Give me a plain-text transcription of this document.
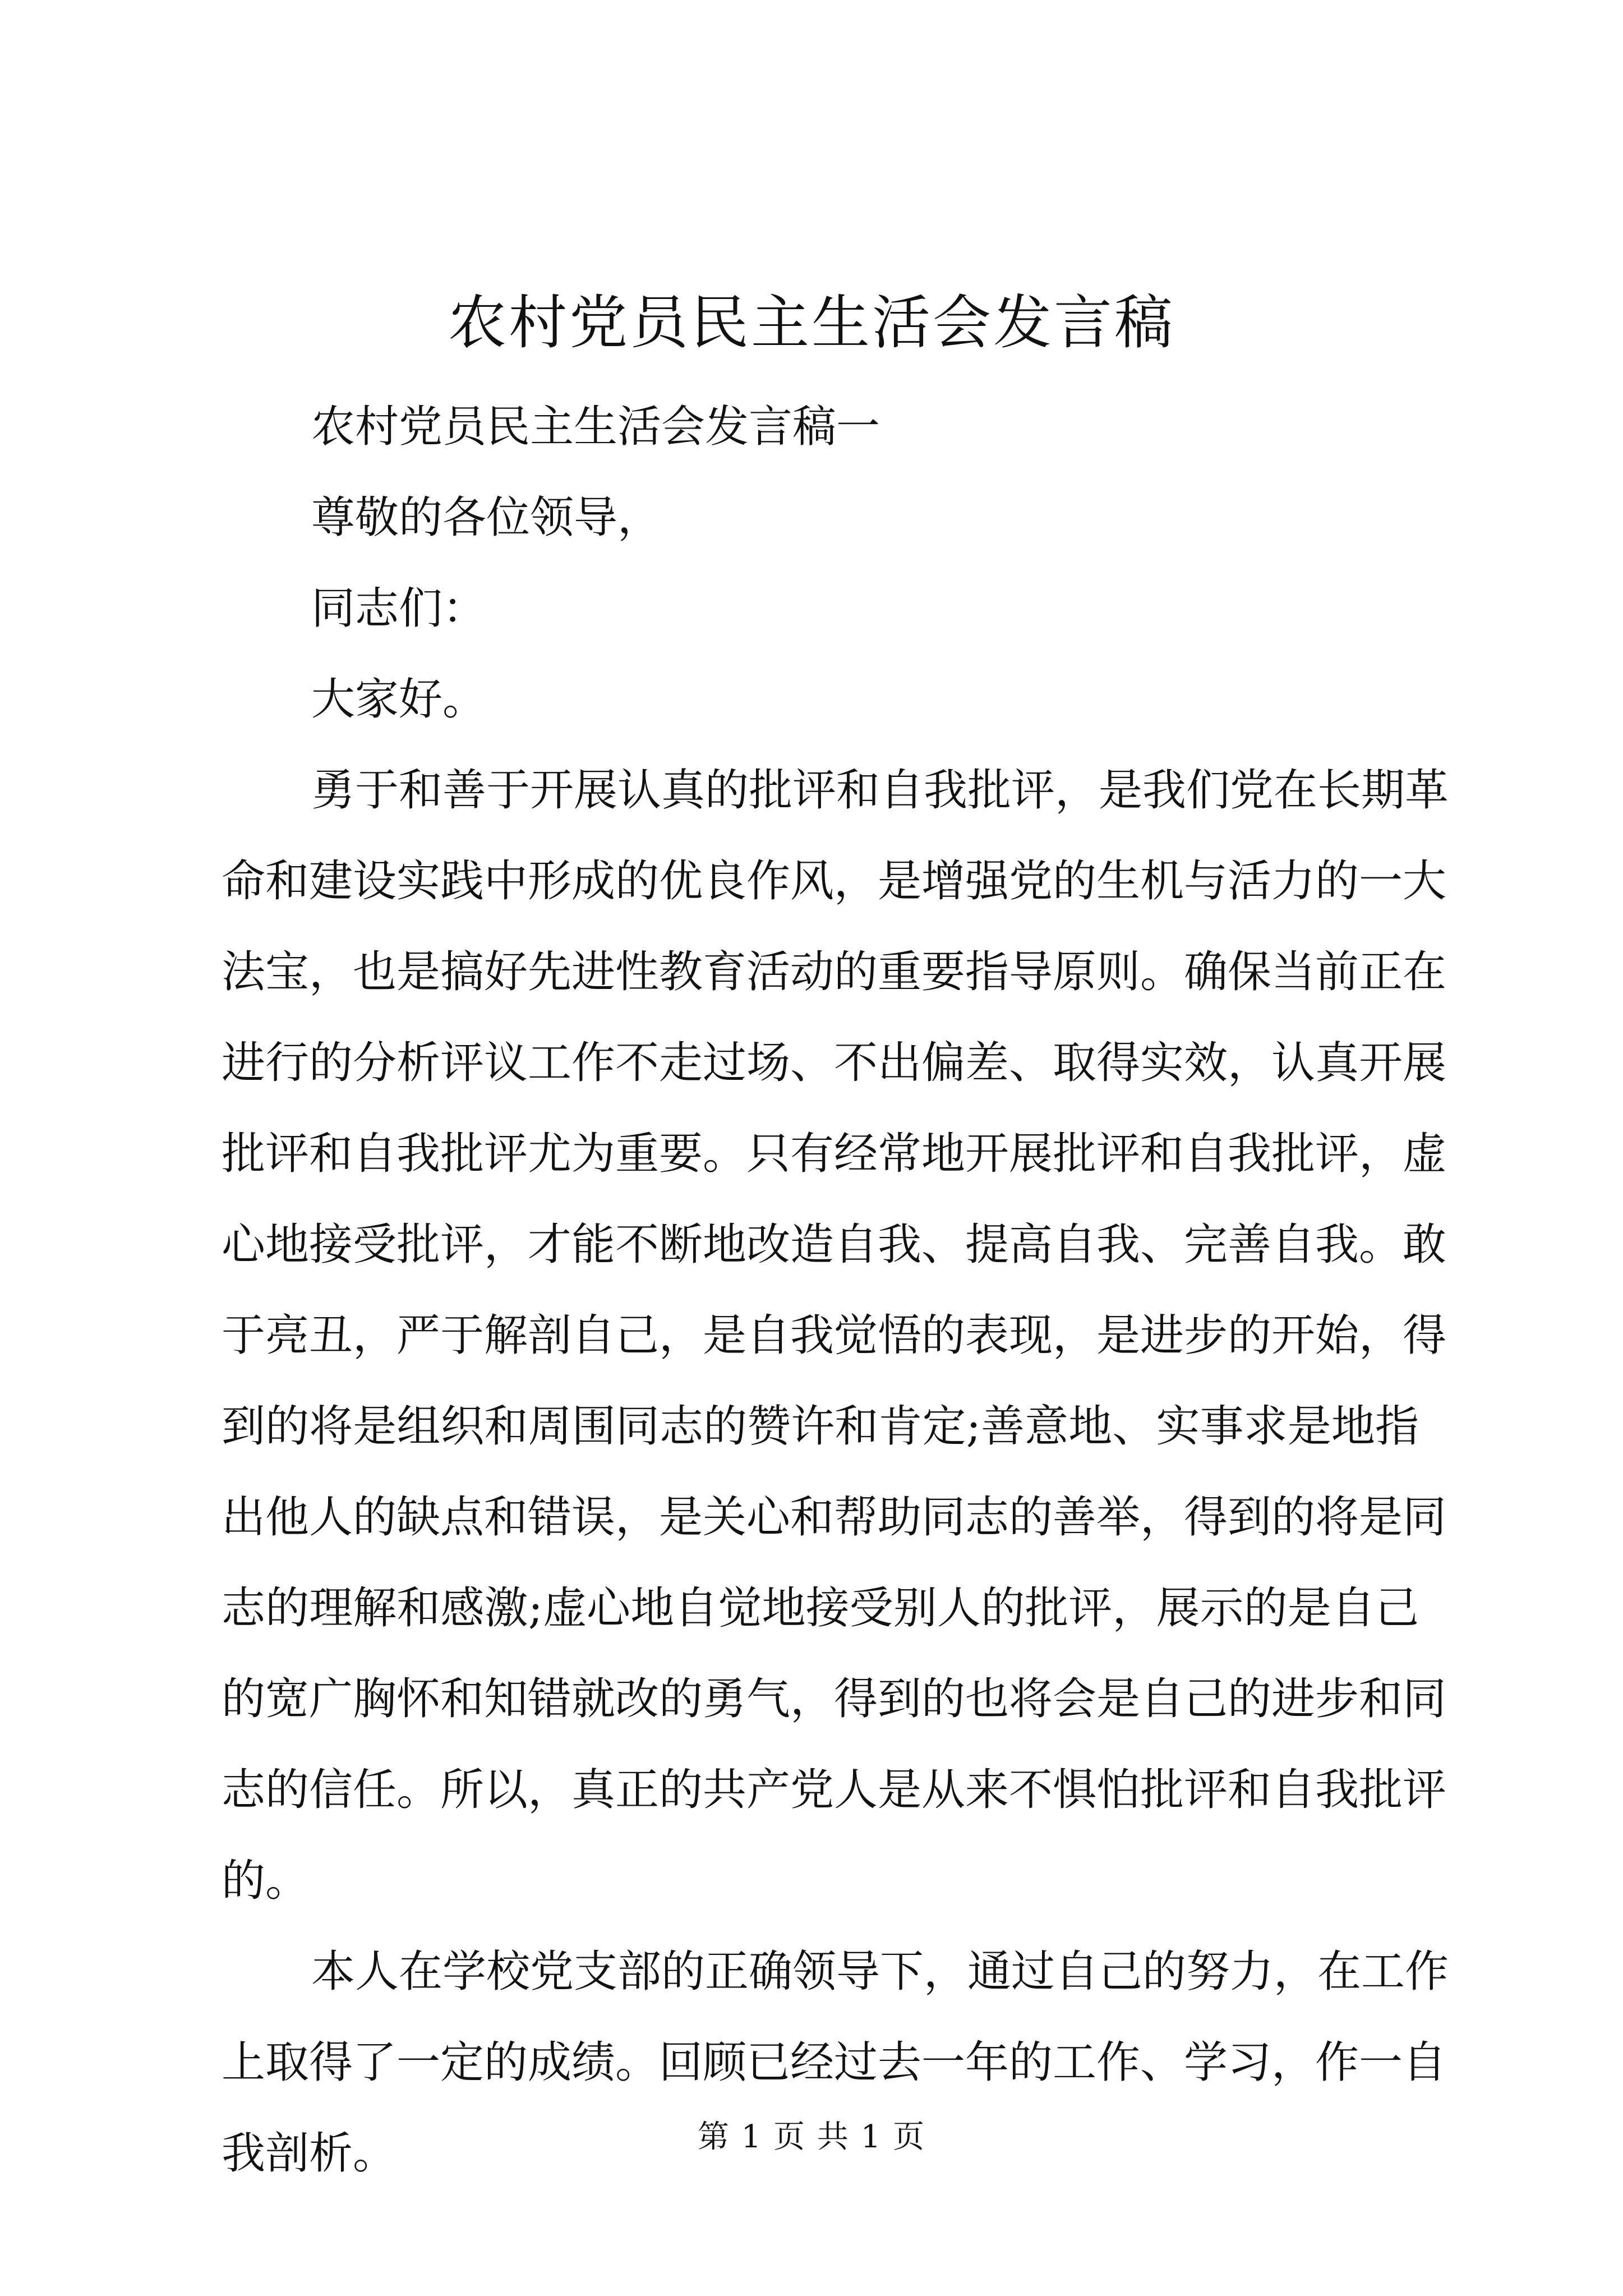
农村党员民主生活会发言稿

农村党员民主生活会发言稿一

尊敬的各位领导，

同志们：

大家好。

勇于和善于开展认真的批评和自我批评，是我们党在长期革

命和建设实践中形成的优良作风，是增强党的生机与活力的一大

法宝，也是搞好先进性教育活动的重要指导原则。确保当前正在

进行的分析评议工作不走过场、不出偏差、取得实效，认真开展

批评和自我批评尤为重要。只有经常地开展批评和自我批评，虚

心地接受批评，才能不断地改造自我、提高自我、完善自我。敢

于亮丑，严于解剖自己，是自我觉悟的表现，是进步的开始，得

到的将是组织和周围同志的赞许和肯定;善意地、实事求是地指

出他人的缺点和错误，是关心和帮助同志的善举，得到的将是同

志的理解和感激;虚心地自觉地接受别人的批评，展示的是自己

的宽广胸怀和知错就改的勇气，得到的也将会是自己的进步和同

志的信任。所以，真正的共产党人是从来不惧怕批评和自我批评

的。

本人在学校党支部的正确领导下，通过自己的努力，在工作

上取得了一定的成绩。回顾已经过去一年的工作、学习，作一自

我剖析。	第 1 页 共 1 页
